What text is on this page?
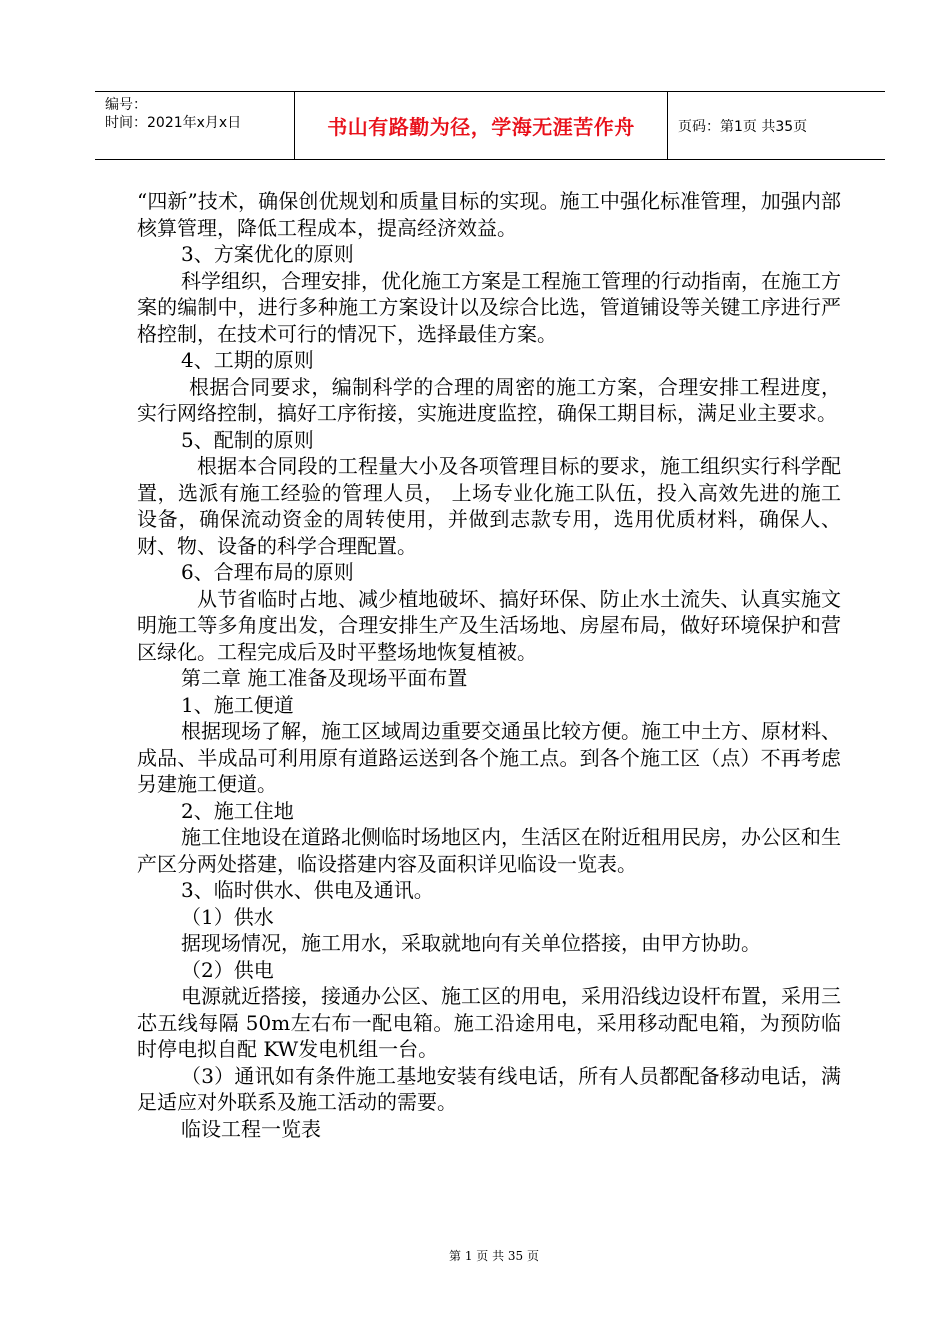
编号：
时间：2021年x月x日	书山有路勤为径，学海无涯苦作舟	页码：第1页 共35页

“四新”技术，确保创优规划和质量目标的实现。施工中强化标准管理，加强内部核算管理，降低工程成本，提高经济效益。

3、方案优化的原则

科学组织，合理安排，优化施工方案是工程施工管理的行动指南，在施工方案的编制中，进行多种施工方案设计以及综合比选，管道铺设等关键工序进行严格控制，在技术可行的情况下，选择最佳方案。

4、工期的原则

根据合同要求，编制科学的合理的周密的施工方案，合理安排工程进度，实行网络控制，搞好工序衔接，实施进度监控，确保工期目标，满足业主要求。

5、配制的原则

根据本合同段的工程量大小及各项管理目标的要求，施工组织实行科学配置，选派有施工经验的管理人员， 上场专业化施工队伍，投入高效先进的施工设备，确保流动资金的周转使用，并做到志款专用，选用优质材料，确保人、财、物、设备的科学合理配置。

6、合理布局的原则

从节省临时占地、减少植地破坏、搞好环保、防止水土流失、认真实施文明施工等多角度出发，合理安排生产及生活场地、房屋布局，做好环境保护和营区绿化。工程完成后及时平整场地恢复植被。

第二章 施工准备及现场平面布置

1、施工便道

根据现场了解，施工区域周边重要交通虽比较方便。施工中土方、原材料、成品、半成品可利用原有道路运送到各个施工点。到各个施工区（点）不再考虑另建施工便道。

2、施工住地

施工住地设在道路北侧临时场地区内，生活区在附近租用民房，办公区和生产区分两处搭建，临设搭建内容及面积详见临设一览表。

3、临时供水、供电及通讯。

（1）供水

据现场情况，施工用水，采取就地向有关单位搭接，由甲方协助。

（2）供电

电源就近搭接，接通办公区、施工区的用电，采用沿线边设杆布置，采用三芯五线每隔 50m左右布一配电箱。施工沿途用电，采用移动配电箱，为预防临时停电拟自配 KW发电机组一台。

（3）通讯如有条件施工基地安装有线电话，所有人员都配备移动电话，满足适应对外联系及施工活动的需要。

临设工程一览表

第 1 页 共 35 页
